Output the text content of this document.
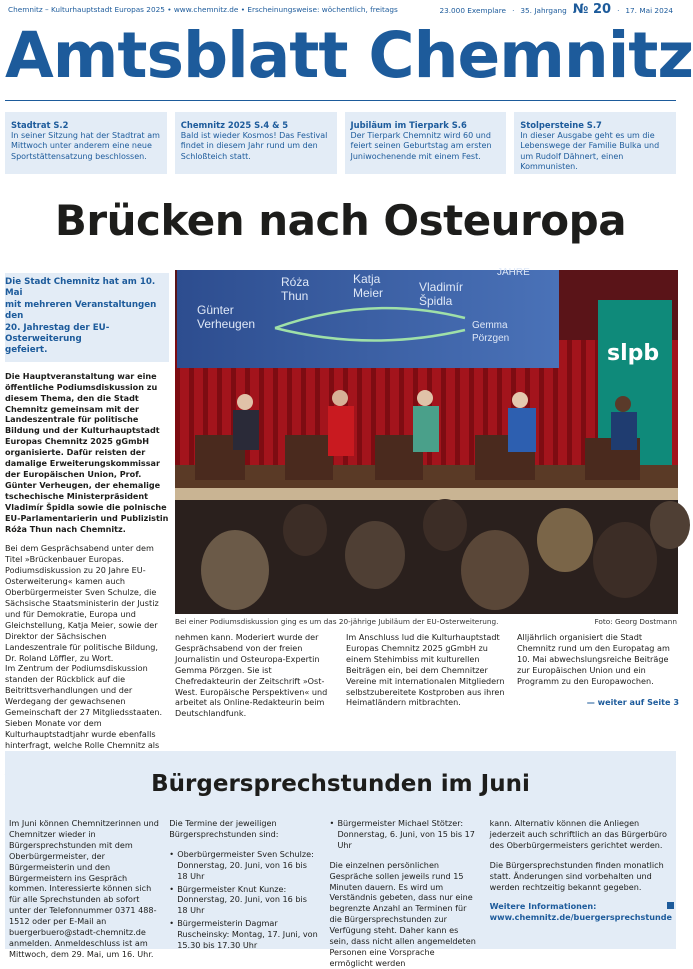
Chemnitz – Kulturhauptstadt Europas 2025 • www.chemnitz.de • Erscheinungsweise: wöchentlich, freitags	23.000 Exemplare · 35. Jahrgang № 20 · 17. Mai 2024
Amtsblatt Chemnitz
Stadtrat S.2
In seiner Sitzung hat der Stadtrat am Mittwoch unter anderem eine neue Sportstättensatzung beschlossen.
Chemnitz 2025 S.4 & 5
Bald ist wieder Kosmos! Das Festival findet in diesem Jahr rund um den Schloßteich statt.
Jubiläum im Tierpark S.6
Der Tierpark Chemnitz wird 60 und feiert seinen Geburtstag am ersten Juniwochenende mit einem Fest.
Stolpersteine S.7
In dieser Ausgabe geht es um die Lebenswege der Familie Bulka und um Rudolf Dähnert, einen Kommunisten.
Brücken nach Osteuropa
Die Stadt Chemnitz hat am 10. Mai
mit mehreren Veranstaltungen den
20. Jahrestag der EU-Osterweiterung
gefeiert.

Die Hauptveranstaltung war eine öffentliche Podiumsdiskussion zu diesem Thema, den die Stadt Chemnitz gemeinsam mit der Landeszentrale für politische Bildung und der Kulturhauptstadt Europas Chemnitz 2025 gGmbH organisierte. Dafür reisten der damalige Erweiterungskommissar der Europäischen Union, Prof. Günter Verheugen, der ehemalige tschechische Ministerpräsident Vladimír Špidla sowie die polnische EU-Parlamentarierin und Publizistin Róża Thun nach Chemnitz.

Bei dem Gesprächsabend unter dem Titel »Brückenbauer Europas. Podiumsdiskussion zu 20 Jahre EU-Osterweiterung« kamen auch Oberbürgermeister Sven Schulze, die Sächsische Staatsministerin der Justiz und für Demokratie, Europa und Gleichstellung, Katja Meier, sowie der Direktor der Sächsischen Landeszentrale für politische Bildung, Dr. Roland Löffler, zu Wort.

Im Zentrum der Podiumsdiskussion standen der Rückblick auf die Beitrittsverhandlungen und der Werdegang der gewachsenen Gemeinschaft der 27 Mitgliedsstaaten. Sieben Monate vor dem Kulturhauptstadtjahr wurde ebenfalls hinterfragt, welche Rolle Chemnitz als

Günter
Verheugen
Róża
Thun
Katja
Meier	Vladimír
Špidla
Gemma
Pörzgen
JAHRE
slpb
Bei einer Podiumsdiskussion ging es um das 20-jährige Jubiläum der EU-Osterweiterung.	Foto: Georg Dostmann
nehmen kann. Moderiert wurde der Gesprächsabend von der freien Journalistin und Osteuropa-Expertin Gemma Pörzgen. Sie ist Chefredakteurin der Zeitschrift »Ost-West. Europäische Perspektiven« und arbeitet als Online-Redakteurin beim Deutschlandfunk.
Im Anschluss lud die Kulturhauptstadt Europas Chemnitz 2025 gGmbH zu einem Stehimbiss mit kulturellen Beiträgen ein, bei dem Chemnitzer Vereine mit internationalen Mitgliedern selbstzubereitete Kostproben aus ihren Heimatländern mitbrachten.

Alljährlich organisiert die Stadt Chemnitz rund um den Europatag am 10. Mai abwechslungsreiche Beiträge zur Europäischen Union und ein Programm zu den Europawochen.

— weiter auf Seite 3

Bürgersprechstunden im Juni

Im Juni können Chemnitzerinnen und Chemnitzer wieder in Bürgersprechstunden mit dem Oberbürgermeister, der Bürgermeisterin und den Bürgermeistern ins Gespräch kommen. Interessierte können sich für alle Sprechstunden ab sofort unter der Telefonnummer 0371 488-1512 oder per E-Mail an buergerbuero@stadt-chemnitz.de anmelden. Anmeldeschluss ist am Mittwoch, dem 29. Mai, um 16. Uhr.

Die Termine der jeweiligen Bürgersprechstunden sind:

• Oberbürgermeister Sven Schulze: Donnerstag, 20. Juni, von 16 bis 18 Uhr
• Bürgermeister Knut Kunze: Donnerstag, 20. Juni, von 16 bis 18 Uhr
• Bürgermeisterin Dagmar Ruscheinsky: Montag, 17. Juni, von 15.30 bis 17.30 Uhr
• Bürgermeister Michael Stötzer: Donnerstag, 6. Juni, von 15 bis 17 Uhr

Die einzelnen persönlichen Gespräche sollen jeweils rund 15 Minuten dauern. Es wird um Verständnis gebeten, dass nur eine begrenzte Anzahl an Terminen für die Bürgersprechstunden zur Verfügung steht. Daher kann es sein, dass nicht allen angemeldeten Personen eine Vorsprache ermöglicht werden

kann. Alternativ können die Anliegen jederzeit auch schriftlich an das Bürgerbüro des Oberbürgermeisters gerichtet werden.

Die Bürgersprechstunden finden monatlich statt. Änderungen sind vorbehalten und werden rechtzeitig bekannt gegeben.

Weitere Informationen:
www.chemnitz.de/buergersprechstunde
